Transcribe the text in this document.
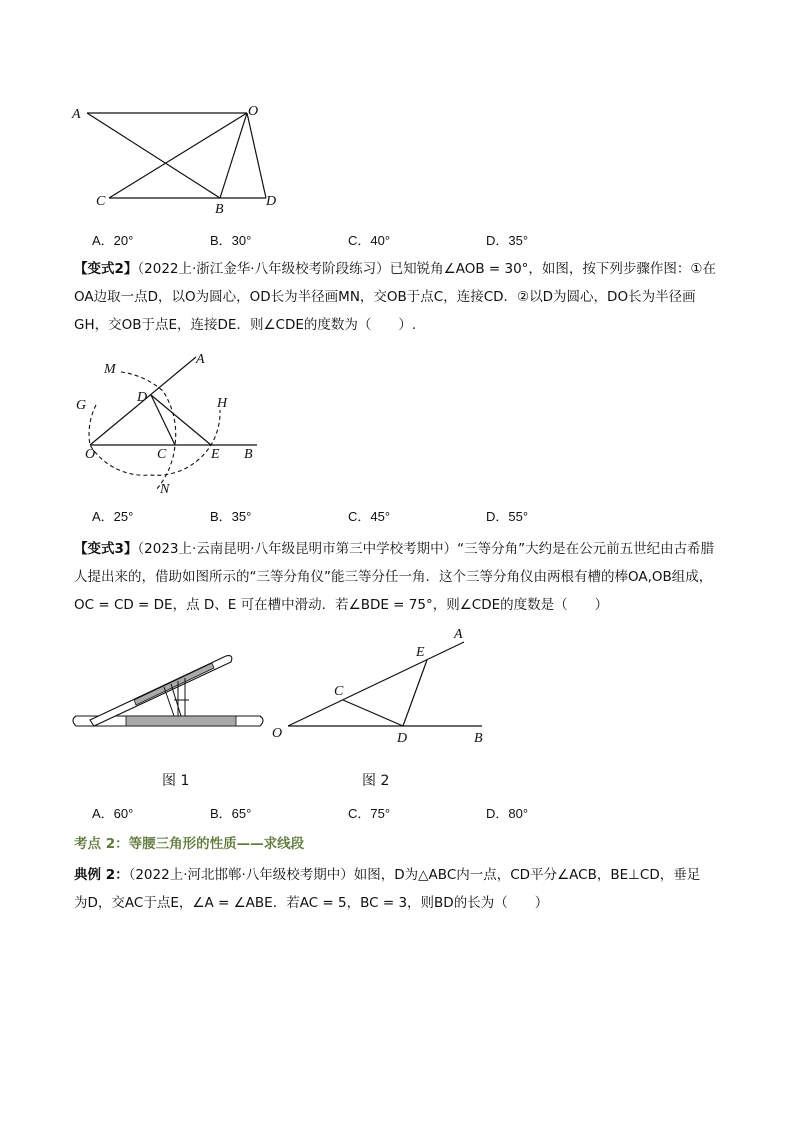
A	O
C
B
D
A．20°	B．30°	C．40°	D．35°

【变式2】（2022上·浙江金华·八年级校考阶段练习）已知锐角∠AOB = 30°，如图，按下列步骤作图：①在

OA边取一点D，以O为圆心，OD长为半径画MN，交OB于点C，连接CD．②以D为圆心，DO长为半径画

GH，交OB于点E，连接DE．则∠CDE的度数为（　　）.

M
A
G
D	H
O	C	E B
N
A．25°	B．35°	C．45°	D．55°

【变式3】（2023上·云南昆明·八年级昆明市第三中学校考期中）“三等分角”大约是在公元前五世纪由古希腊

人提出来的，借助如图所示的“三等分角仪”能三等分任一角．这个三等分角仪由两根有槽的棒OA,OB组成，

OC = CD = DE，点 D、E 可在槽中滑动．若∠BDE = 75°，则∠CDE的度数是（　　）

A
E
C
O	D	B
图 1	图 2
A．60°	B．65°	C．75°	D．80°

考点 2：等腰三角形的性质——求线段

典例 2：（2022上·河北邯郸·八年级校考期中）如图，D为△ABC内一点，CD平分∠ACB，BE⊥CD，垂足

为D，交AC于点E，∠A = ∠ABE．若AC = 5，BC = 3，则BD的长为（　　）
